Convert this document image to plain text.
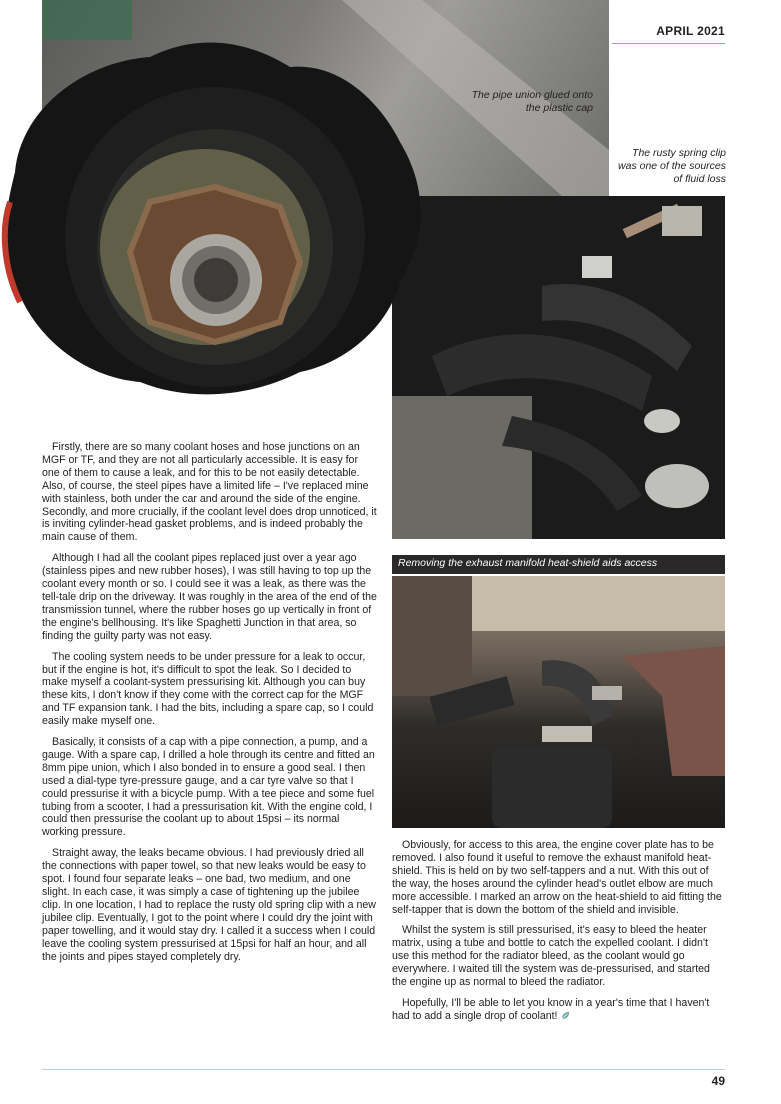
APRIL 2021
The pipe union glued onto the plastic cap
The rusty spring clip was one of the sources of fluid loss
Removing the exhaust manifold heat-shield aids access

Firstly, there are so many coolant hoses and hose junctions on an MGF or TF, and they are not all particularly accessible. It is easy for one of them to cause a leak, and for this to be not easily detectable. Also, of course, the steel pipes have a limited life – I've replaced mine with stainless, both under the car and around the side of the engine. Secondly, and more crucially, if the coolant level does drop unnoticed, it is inviting cylinder-head gasket problems, and is indeed probably the main cause of them.

Although I had all the coolant pipes replaced just over a year ago (stainless pipes and new rubber hoses), I was still having to top up the coolant every month or so. I could see it was a leak, as there was the tell-tale drip on the driveway. It was roughly in the area of the end of the transmission tunnel, where the rubber hoses go up vertically in front of the engine's bellhousing. It's like Spaghetti Junction in that area, so finding the guilty party was not easy.

The cooling system needs to be under pressure for a leak to occur, but if the engine is hot, it's difficult to spot the leak. So I decided to make myself a coolant-system pressurising kit. Although you can buy these kits, I don't know if they come with the correct cap for the MGF and TF expansion tank. I had the bits, including a spare cap, so I could easily make myself one.

Basically, it consists of a cap with a pipe connection, a pump, and a gauge. With a spare cap, I drilled a hole through its centre and fitted an 8mm pipe union, which I also bonded in to ensure a good seal. I then used a dial-type tyre-pressure gauge, and a car tyre valve so that I could pressurise it with a bicycle pump. With a tee piece and some fuel tubing from a scooter, I had a pressurisation kit. With the engine cold, I could then pressurise the coolant up to about 15psi – its normal working pressure.

Straight away, the leaks became obvious. I had previously dried all the connections with paper towel, so that new leaks would be easy to spot. I found four separate leaks – one bad, two medium, and one slight. In each case, it was simply a case of tightening up the jubilee clip. In one location, I had to replace the rusty old spring clip with a new jubilee clip. Eventually, I got to the point where I could dry the joint with paper towelling, and it would stay dry. I called it a success when I could leave the cooling system pressurised at 15psi for half an hour, and all the joints and pipes stayed completely dry.

Obviously, for access to this area, the engine cover plate has to be removed. I also found it useful to remove the exhaust manifold heat-shield. This is held on by two self-tappers and a nut. With this out of the way, the hoses around the cylinder head's outlet elbow are much more accessible. I marked an arrow on the heat-shield to aid fitting the self-tapper that is down the bottom of the shield and invisible.

Whilst the system is still pressurised, it's easy to bleed the heater matrix, using a tube and bottle to catch the expelled coolant. I didn't use this method for the radiator bleed, as the coolant would go everywhere. I waited till the system was de-pressurised, and started the engine up as normal to bleed the radiator.

Hopefully, I'll be able to let you know in a year's time that I haven't had to add a single drop of coolant!

49
